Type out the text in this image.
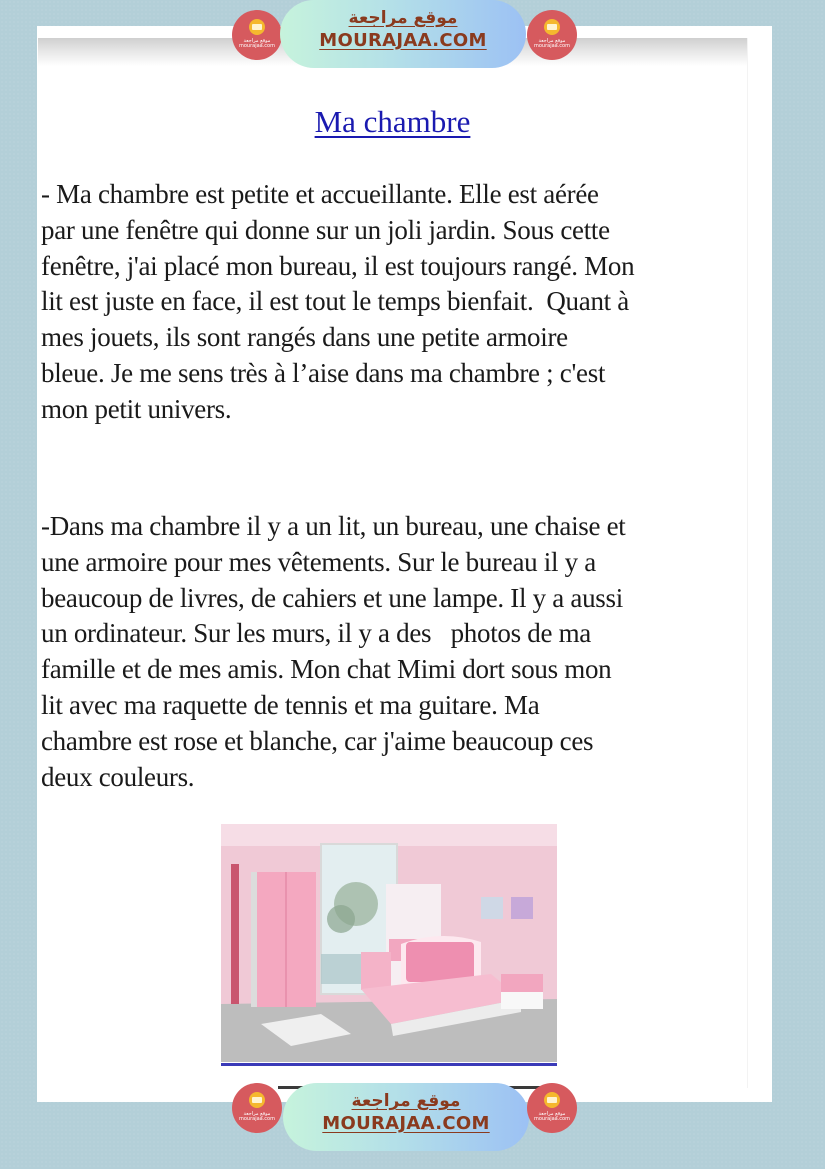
Ma chambre

- Ma chambre est petite et accueillante. Elle est aérée
par une fenêtre qui donne sur un joli jardin. Sous cette
fenêtre, j'ai placé mon bureau, il est toujours rangé. Mon
lit est juste en face, il est tout le temps bienfait.  Quant à
mes jouets, ils sont rangés dans une petite armoire
bleue. Je me sens très à l’aise dans ma chambre ; c'est
mon petit univers.

-Dans ma chambre il y a un lit, un bureau, une chaise et
une armoire pour mes vêtements. Sur le bureau il y a
beaucoup de livres, de cahiers et une lampe. Il y a aussi
un ordinateur. Sur les murs, il y a des   photos de ma
famille et de mes amis. Mon chat Mimi dort sous mon
lit avec ma raquette de tennis et ma guitare. Ma
chambre est rose et blanche, car j'aime beaucoup ces
deux couleurs.

موقع مراجعة
mourajaa.com
موقع مراجعة
MOURAJAA.COM	موقع مراجعة
mourajaa.com
موقع مراجعة
mourajaa.com
موقع مراجعة
MOURAJAA.COM	موقع مراجعة
mourajaa.com
